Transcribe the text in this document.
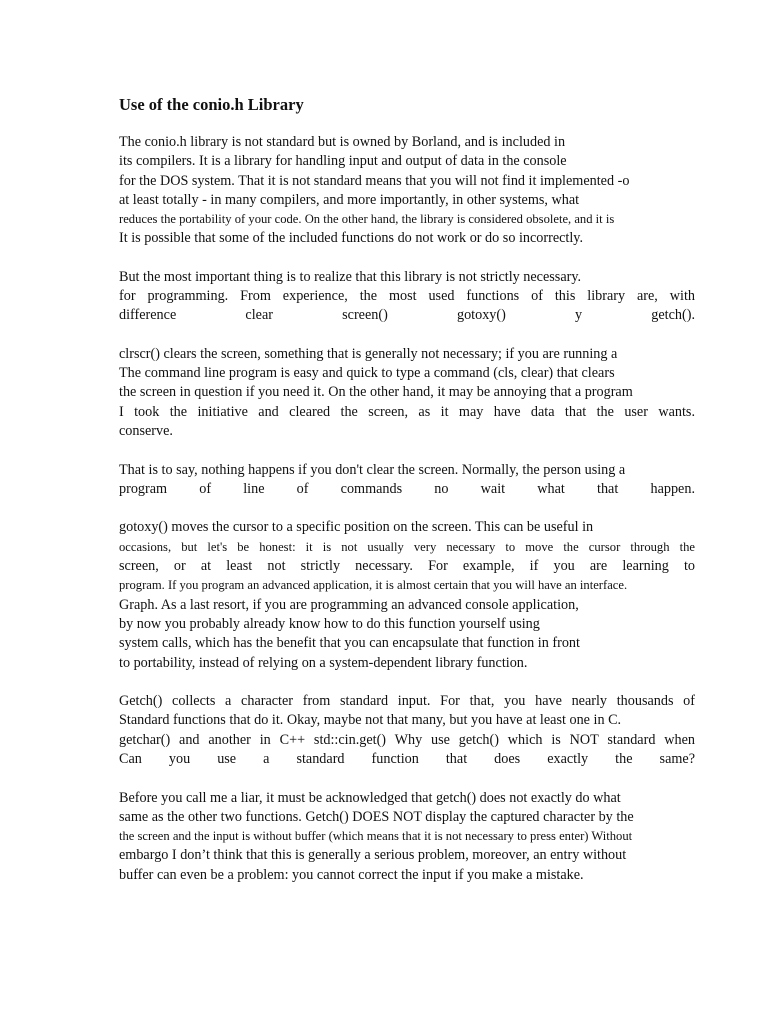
Use of the conio.h Library
The conio.h library is not standard but is owned by Borland, and is included in
its compilers. It is a library for handling input and output of data in the console
for the DOS system. That it is not standard means that you will not find it implemented -o
at least totally - in many compilers, and more importantly, in other systems, what
reduces the portability of your code. On the other hand, the library is considered obsolete, and it is
It is possible that some of the included functions do not work or do so incorrectly.
But the most important thing is to realize that this library is not strictly necessary.
for programming. From experience, the most used functions of this library are, with
difference clear screen() gotoxy() y getch().
clrscr() clears the screen, something that is generally not necessary; if you are running a
The command line program is easy and quick to type a command (cls, clear) that clears
the screen in question if you need it. On the other hand, it may be annoying that a program
I took the initiative and cleared the screen, as it may have data that the user wants.
conserve.
That is to say, nothing happens if you don't clear the screen. Normally, the person using a
program of line of commands no wait what that happen.
gotoxy() moves the cursor to a specific position on the screen. This can be useful in
occasions, but let's be honest: it is not usually very necessary to move the cursor through the
screen, or at least not strictly necessary. For example, if you are learning to
program. If you program an advanced application, it is almost certain that you will have an interface.
Graph. As a last resort, if you are programming an advanced console application,
by now you probably already know how to do this function yourself using
system calls, which has the benefit that you can encapsulate that function in front
to portability, instead of relying on a system-dependent library function.
Getch() collects a character from standard input. For that, you have nearly thousands of
Standard functions that do it. Okay, maybe not that many, but you have at least one in C.
getchar() and another in C++ std::cin.get() Why use getch() which is NOT standard when
Can you use a standard function that does exactly the same?
Before you call me a liar, it must be acknowledged that getch() does not exactly do what
same as the other two functions. Getch() DOES NOT display the captured character by the
the screen and the input is without buffer (which means that it is not necessary to press enter) Without
embargo I don’t think that this is generally a serious problem, moreover, an entry without
buffer can even be a problem: you cannot correct the input if you make a mistake.
